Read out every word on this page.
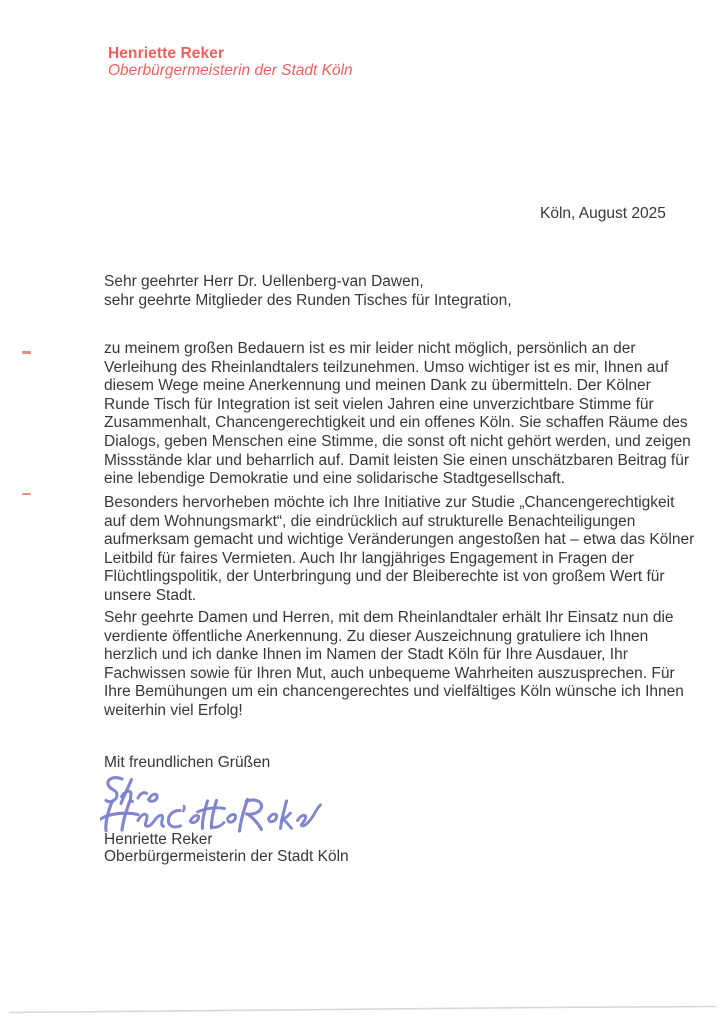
Henriette Reker
Oberbürgermeisterin der Stadt Köln
Köln, August 2025
Sehr geehrter Herr Dr. Uellenberg-van Dawen,
sehr geehrte Mitglieder des Runden Tisches für Integration,
zu meinem großen Bedauern ist es mir leider nicht möglich, persönlich an der
Verleihung des Rheinlandtalers teilzunehmen. Umso wichtiger ist es mir, Ihnen auf
diesem Wege meine Anerkennung und meinen Dank zu übermitteln. Der Kölner
Runde Tisch für Integration ist seit vielen Jahren eine unverzichtbare Stimme für
Zusammenhalt, Chancengerechtigkeit und ein offenes Köln. Sie schaffen Räume des
Dialogs, geben Menschen eine Stimme, die sonst oft nicht gehört werden, und zeigen
Missstände klar und beharrlich auf. Damit leisten Sie einen unschätzbaren Beitrag für
eine lebendige Demokratie und eine solidarische Stadtgesellschaft.
Besonders hervorheben möchte ich Ihre Initiative zur Studie „Chancengerechtigkeit
auf dem Wohnungsmarkt“, die eindrücklich auf strukturelle Benachteiligungen
aufmerksam gemacht und wichtige Veränderungen angestoßen hat – etwa das Kölner
Leitbild für faires Vermieten. Auch Ihr langjähriges Engagement in Fragen der
Flüchtlingspolitik, der Unterbringung und der Bleiberechte ist von großem Wert für
unsere Stadt.
Sehr geehrte Damen und Herren, mit dem Rheinlandtaler erhält Ihr Einsatz nun die
verdiente öffentliche Anerkennung. Zu dieser Auszeichnung gratuliere ich Ihnen
herzlich und ich danke Ihnen im Namen der Stadt Köln für Ihre Ausdauer, Ihr
Fachwissen sowie für Ihren Mut, auch unbequeme Wahrheiten auszusprechen. Für
Ihre Bemühungen um ein chancengerechtes und vielfältiges Köln wünsche ich Ihnen
weiterhin viel Erfolg!
Mit freundlichen Grüßen
Henriette Reker
Oberbürgermeisterin der Stadt Köln
